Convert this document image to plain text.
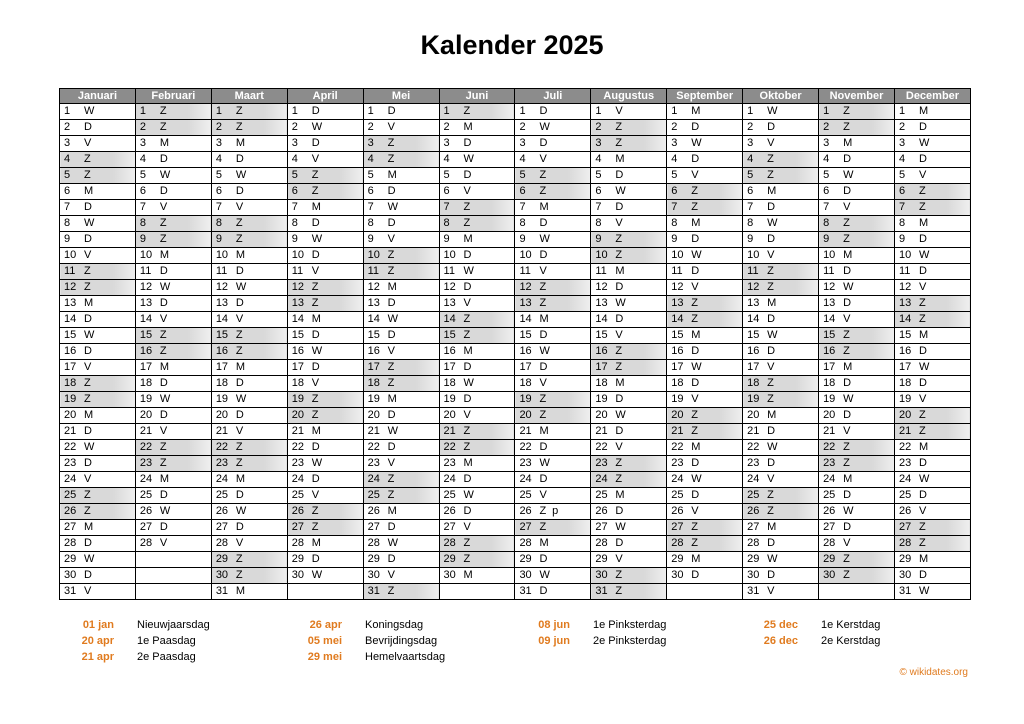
Kalender 2025
Januari	Februari	Maart	April	Mei	Juni	Juli	Augustus	September	Oktober	November	December
1 W	1 Z	1 Z	1 D	1 D	1 Z	1 D	1 V	1 M	1 W	1 Z	1 M
2 D	2 Z	2 Z	2 W	2 V	2 M	2 W	2 Z	2 D	2 D	2 Z	2 D
3 V	3 M	3 M	3 D	3 Z	3 D	3 D	3 Z	3 W	3 V	3 M	3 W
4 Z	4 D	4 D	4 V	4 Z	4 W	4 V	4 M	4 D	4 Z	4 D	4 D
5 Z	5 W	5 W	5 Z	5 M	5 D	5 Z	5 D	5 V	5 Z	5 W	5 V
6 M	6 D	6 D	6 Z	6 D	6 V	6 Z	6 W	6 Z	6 M	6 D	6 Z
7 D	7 V	7 V	7 M	7 W	7 Z	7 M	7 D	7 Z	7 D	7 V	7 Z
8 W	8 Z	8 Z	8 D	8 D	8 Z	8 D	8 V	8 M	8 W	8 Z	8 M
9 D	9 Z	9 Z	9 W	9 V	9 M	9 W	9 Z	9 D	9 D	9 Z	9 D
10 V	10 M	10 M	10 D	10 Z	10 D	10 D	10 Z	10 W	10 V	10 M	10 W
11 Z	11 D	11 D	11 V	11 Z	11 W	11 V	11 M	11 D	11 Z	11 D	11 D
12 Z	12 W	12 W	12 Z	12 M	12 D	12 Z	12 D	12 V	12 Z	12 W	12 V
13 M	13 D	13 D	13 Z	13 D	13 V	13 Z	13 W	13 Z	13 M	13 D	13 Z
14 D	14 V	14 V	14 M	14 W	14 Z	14 M	14 D	14 Z	14 D	14 V	14 Z
15 W	15 Z	15 Z	15 D	15 D	15 Z	15 D	15 V	15 M	15 W	15 Z	15 M
16 D	16 Z	16 Z	16 W	16 V	16 M	16 W	16 Z	16 D	16 D	16 Z	16 D
17 V	17 M	17 M	17 D	17 Z	17 D	17 D	17 Z	17 W	17 V	17 M	17 W
18 Z	18 D	18 D	18 V	18 Z	18 W	18 V	18 M	18 D	18 Z	18 D	18 D
19 Z	19 W	19 W	19 Z	19 M	19 D	19 Z	19 D	19 V	19 Z	19 W	19 V
20 M	20 D	20 D	20 Z	20 D	20 V	20 Z	20 W	20 Z	20 M	20 D	20 Z
21 D	21 V	21 V	21 M	21 W	21 Z	21 M	21 D	21 Z	21 D	21 V	21 Z
22 W	22 Z	22 Z	22 D	22 D	22 Z	22 D	22 V	22 M	22 W	22 Z	22 M
23 D	23 Z	23 Z	23 W	23 V	23 M	23 W	23 Z	23 D	23 D	23 Z	23 D
24 V	24 M	24 M	24 D	24 Z	24 D	24 D	24 Z	24 W	24 V	24 M	24 W
25 Z	25 D	25 D	25 V	25 Z	25 W	25 V	25 M	25 D	25 Z	25 D	25 D
26 Z	26 W	26 W	26 Z	26 M	26 D	26 Z p	26 D	26 V	26 Z	26 W	26 V
27 M	27 D	27 D	27 Z	27 D	27 V	27 Z	27 W	27 Z	27 M	27 D	27 Z
28 D	28 V	28 V	28 M	28 W	28 Z	28 M	28 D	28 Z	28 D	28 V	28 Z
29 W		29 Z	29 D	29 D	29 Z	29 D	29 V	29 M	29 W	29 Z	29 M
30 D		30 Z	30 W	30 V	30 M	30 W	30 Z	30 D	30 D	30 Z	30 D
31 V		31 M		31 Z		31 D	31 Z		31 V		31 W
01 jan Nieuwjaarsdag
20 apr 1e Paasdag
21 apr 2e Paasdag
26 apr Koningsdag
05 mei Bevrijdingsdag
29 mei Hemelvaartsdag
08 jun 1e Pinksterdag
09 jun 2e Pinksterdag
25 dec 1e Kerstdag
26 dec 2e Kerstdag
© wikidates.org
